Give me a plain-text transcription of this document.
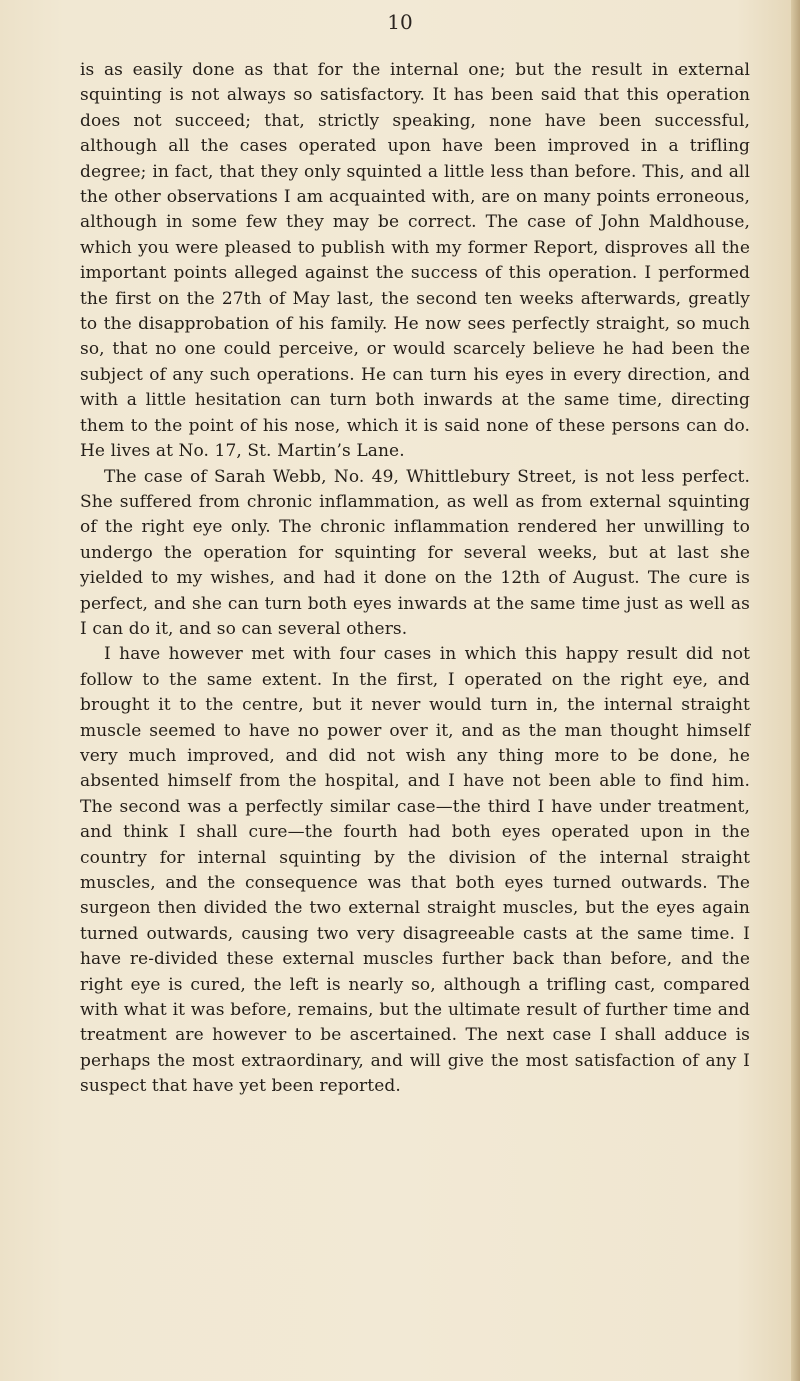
10

is as easily done as that for the internal one; but the result in external squinting is not always so satisfactory. It has been said that this operation does not succeed; that, strictly speaking, none have been successful, although all the cases operated upon have been improved in a trifling degree; in fact, that they only squinted a little less than before. This, and all the other observations I am acquainted with, are on many points erroneous, although in some few they may be correct. The case of John Maldhouse, which you were pleased to publish with my former Report, disproves all the important points alleged against the success of this operation. I performed the first on the 27th of May last, the second ten weeks afterwards, greatly to the disapprobation of his family. He now sees perfectly straight, so much so, that no one could perceive, or would scarcely believe he had been the subject of any such operations. He can turn his eyes in every direction, and with a little hesitation can turn both inwards at the same time, directing them to the point of his nose, which it is said none of these persons can do. He lives at No. 17, St. Martin’s Lane.

The case of Sarah Webb, No. 49, Whittlebury Street, is not less perfect. She suffered from chronic inflammation, as well as from external squinting of the right eye only. The chronic inflammation rendered her unwilling to undergo the operation for squinting for several weeks, but at last she yielded to my wishes, and had it done on the 12th of August. The cure is perfect, and she can turn both eyes inwards at the same time just as well as I can do it, and so can several others.

I have however met with four cases in which this happy result did not follow to the same extent. In the first, I operated on the right eye, and brought it to the centre, but it never would turn in, the internal straight muscle seemed to have no power over it, and as the man thought himself very much improved, and did not wish any thing more to be done, he absented himself from the hospital, and I have not been able to find him. The second was a perfectly similar case—the third I have under treatment, and think I shall cure—the fourth had both eyes operated upon in the country for internal squinting by the division of the internal straight muscles, and the consequence was that both eyes turned outwards. The surgeon then divided the two external straight muscles, but the eyes again turned outwards, causing two very disagreeable casts at the same time. I have re-divided these external muscles further back than before, and the right eye is cured, the left is nearly so, although a trifling cast, compared with what it was before, remains, but the ultimate result of further time and treatment are however to be ascertained. The next case I shall adduce is perhaps the most extraordinary, and will give the most satisfaction of any I suspect that have yet been reported.
